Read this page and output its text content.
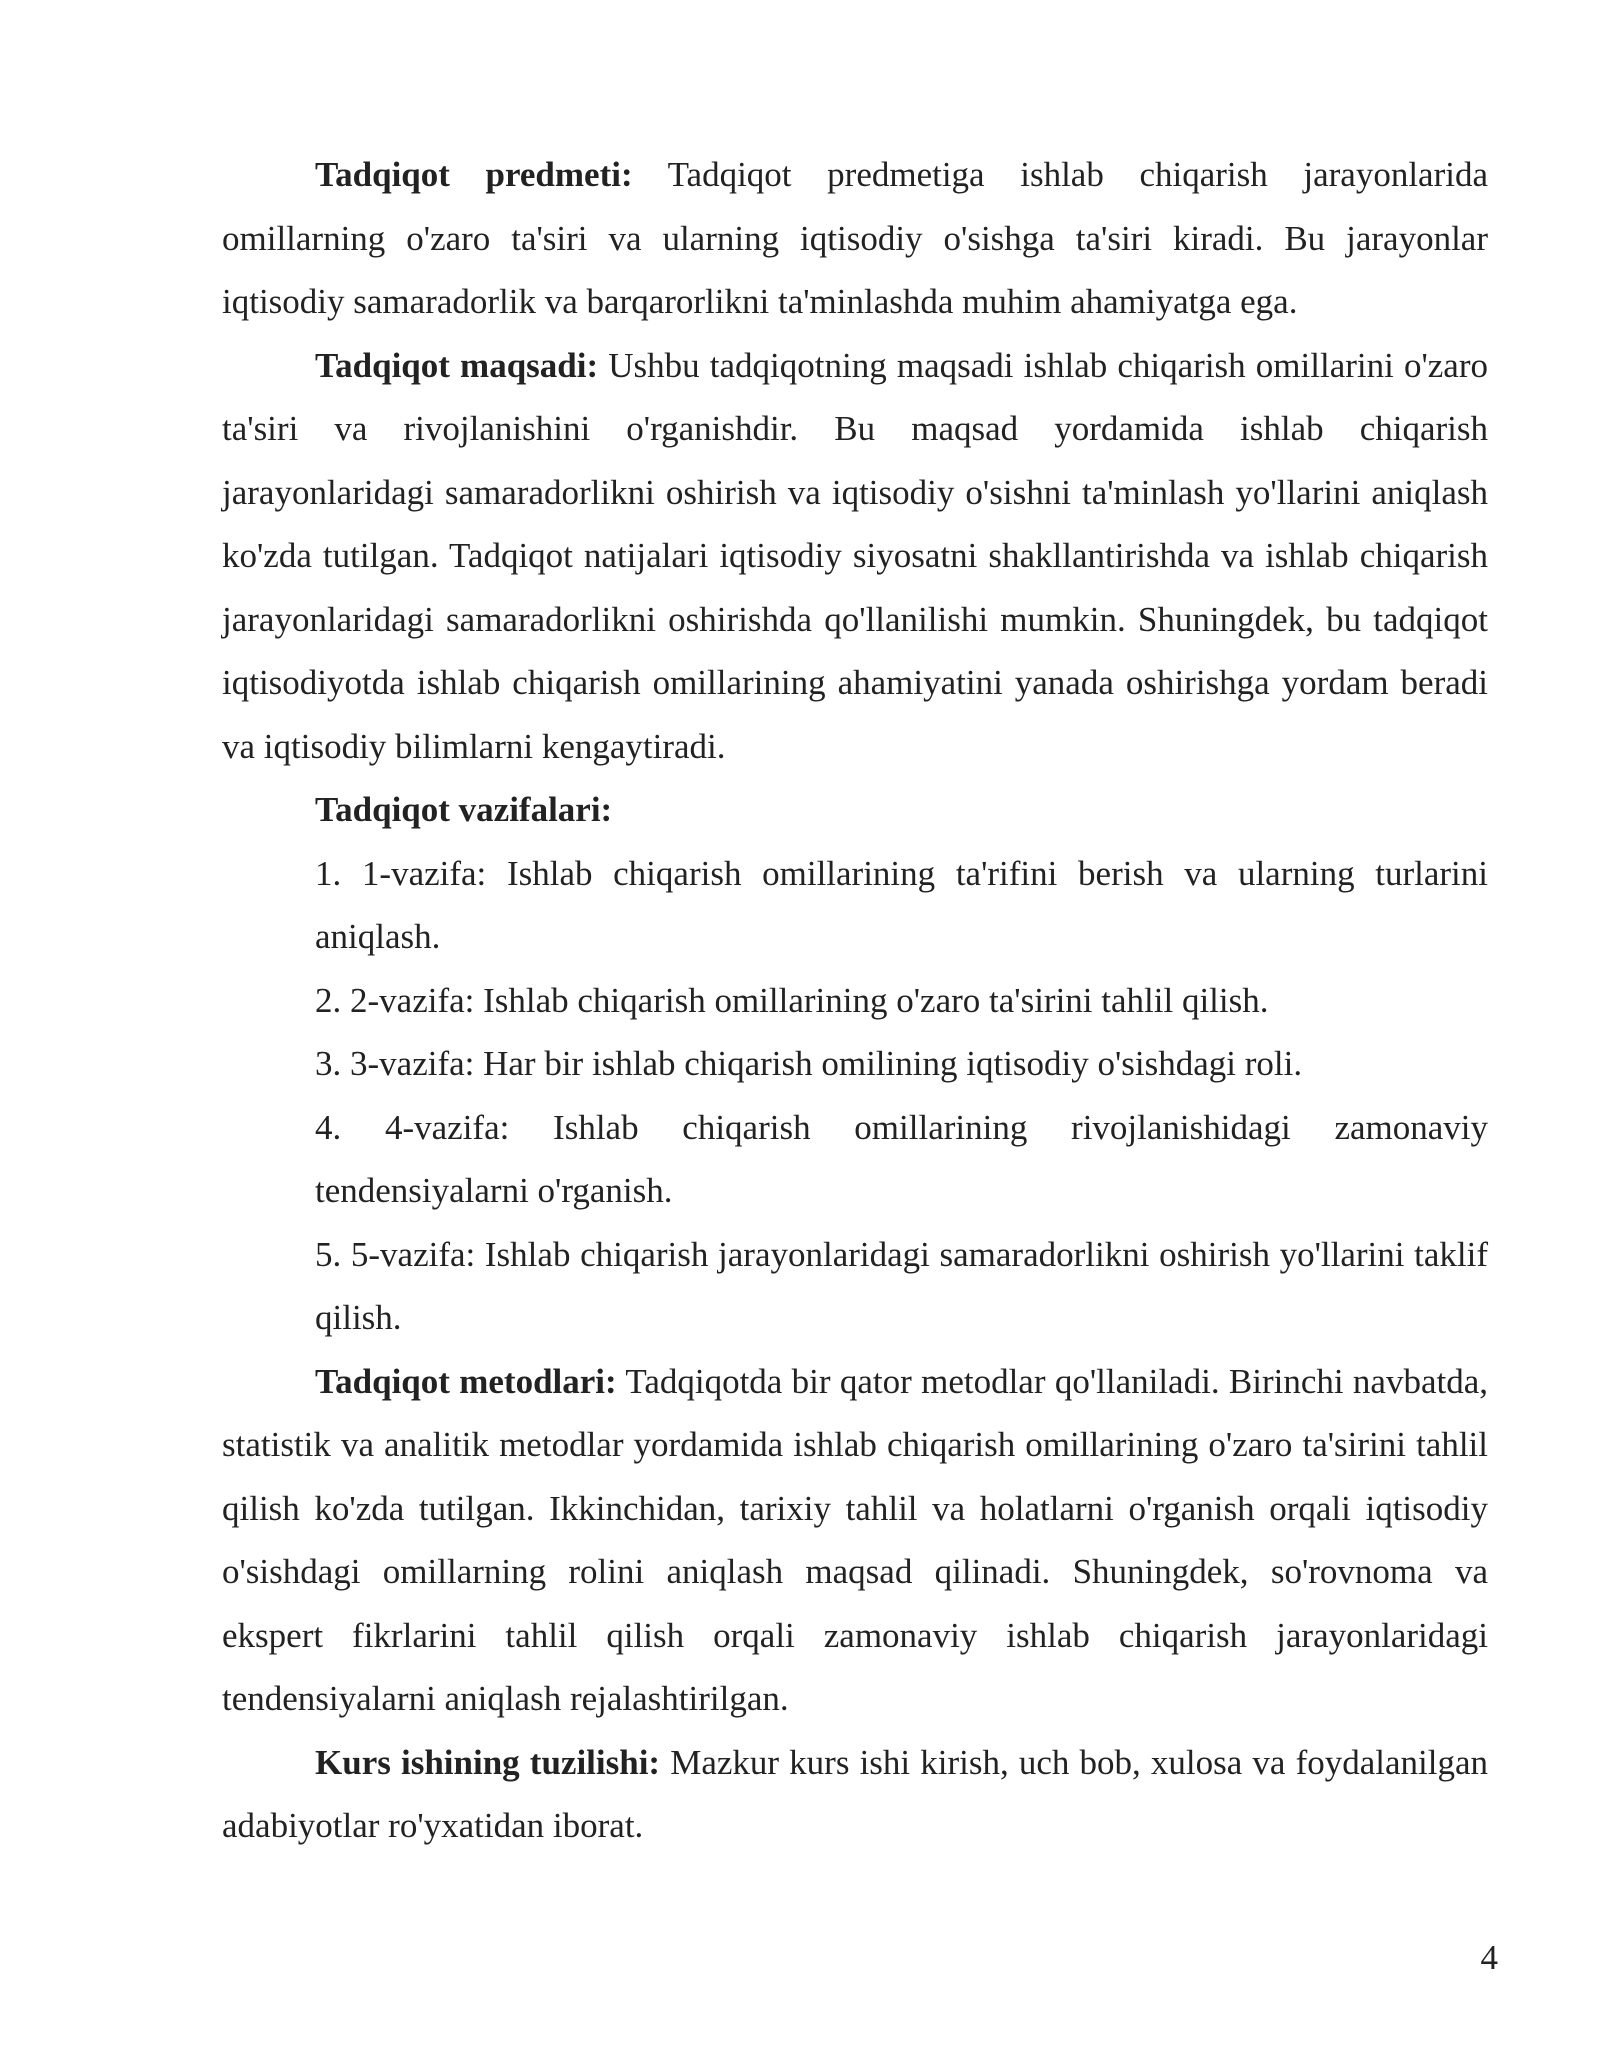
Tadqiqot predmeti: Tadqiqot predmetiga ishlab chiqarish jarayonlarida omillarning o'zaro ta'siri va ularning iqtisodiy o'sishga ta'siri kiradi. Bu jarayonlar iqtisodiy samaradorlik va barqarorlikni ta'minlashda muhim ahamiyatga ega.

Tadqiqot maqsadi: Ushbu tadqiqotning maqsadi ishlab chiqarish omillarini o'zaro ta'siri va rivojlanishini o'rganishdir. Bu maqsad yordamida ishlab chiqarish jarayonlaridagi samaradorlikni oshirish va iqtisodiy o'sishni ta'minlash yo'llarini aniqlash ko'zda tutilgan. Tadqiqot natijalari iqtisodiy siyosatni shakllantirishda va ishlab chiqarish jarayonlaridagi samaradorlikni oshirishda qo'llanilishi mumkin. Shuningdek, bu tadqiqot iqtisodiyotda ishlab chiqarish omillarining ahamiyatini yanada oshirishga yordam beradi va iqtisodiy bilimlarni kengaytiradi.

Tadqiqot vazifalari:

1. 1-vazifa: Ishlab chiqarish omillarining ta'rifini berish va ularning turlarini aniqlash.

2. 2-vazifa: Ishlab chiqarish omillarining o'zaro ta'sirini tahlil qilish.

3. 3-vazifa: Har bir ishlab chiqarish omilining iqtisodiy o'sishdagi roli.

4. 4-vazifa: Ishlab chiqarish omillarining rivojlanishidagi zamonaviy tendensiyalarni o'rganish.

5. 5-vazifa: Ishlab chiqarish jarayonlaridagi samaradorlikni oshirish yo'llarini taklif qilish.

Tadqiqot metodlari: Tadqiqotda bir qator metodlar qo'llaniladi. Birinchi navbatda, statistik va analitik metodlar yordamida ishlab chiqarish omillarining o'zaro ta'sirini tahlil qilish ko'zda tutilgan. Ikkinchidan, tarixiy tahlil va holatlarni o'rganish orqali iqtisodiy o'sishdagi omillarning rolini aniqlash maqsad qilinadi. Shuningdek, so'rovnoma va ekspert fikrlarini tahlil qilish orqali zamonaviy ishlab chiqarish jarayonlaridagi tendensiyalarni aniqlash rejalashtirilgan.

Kurs ishining tuzilishi: Mazkur kurs ishi kirish, uch bob, xulosa va foydalanilgan adabiyotlar ro'yxatidan iborat.

4
